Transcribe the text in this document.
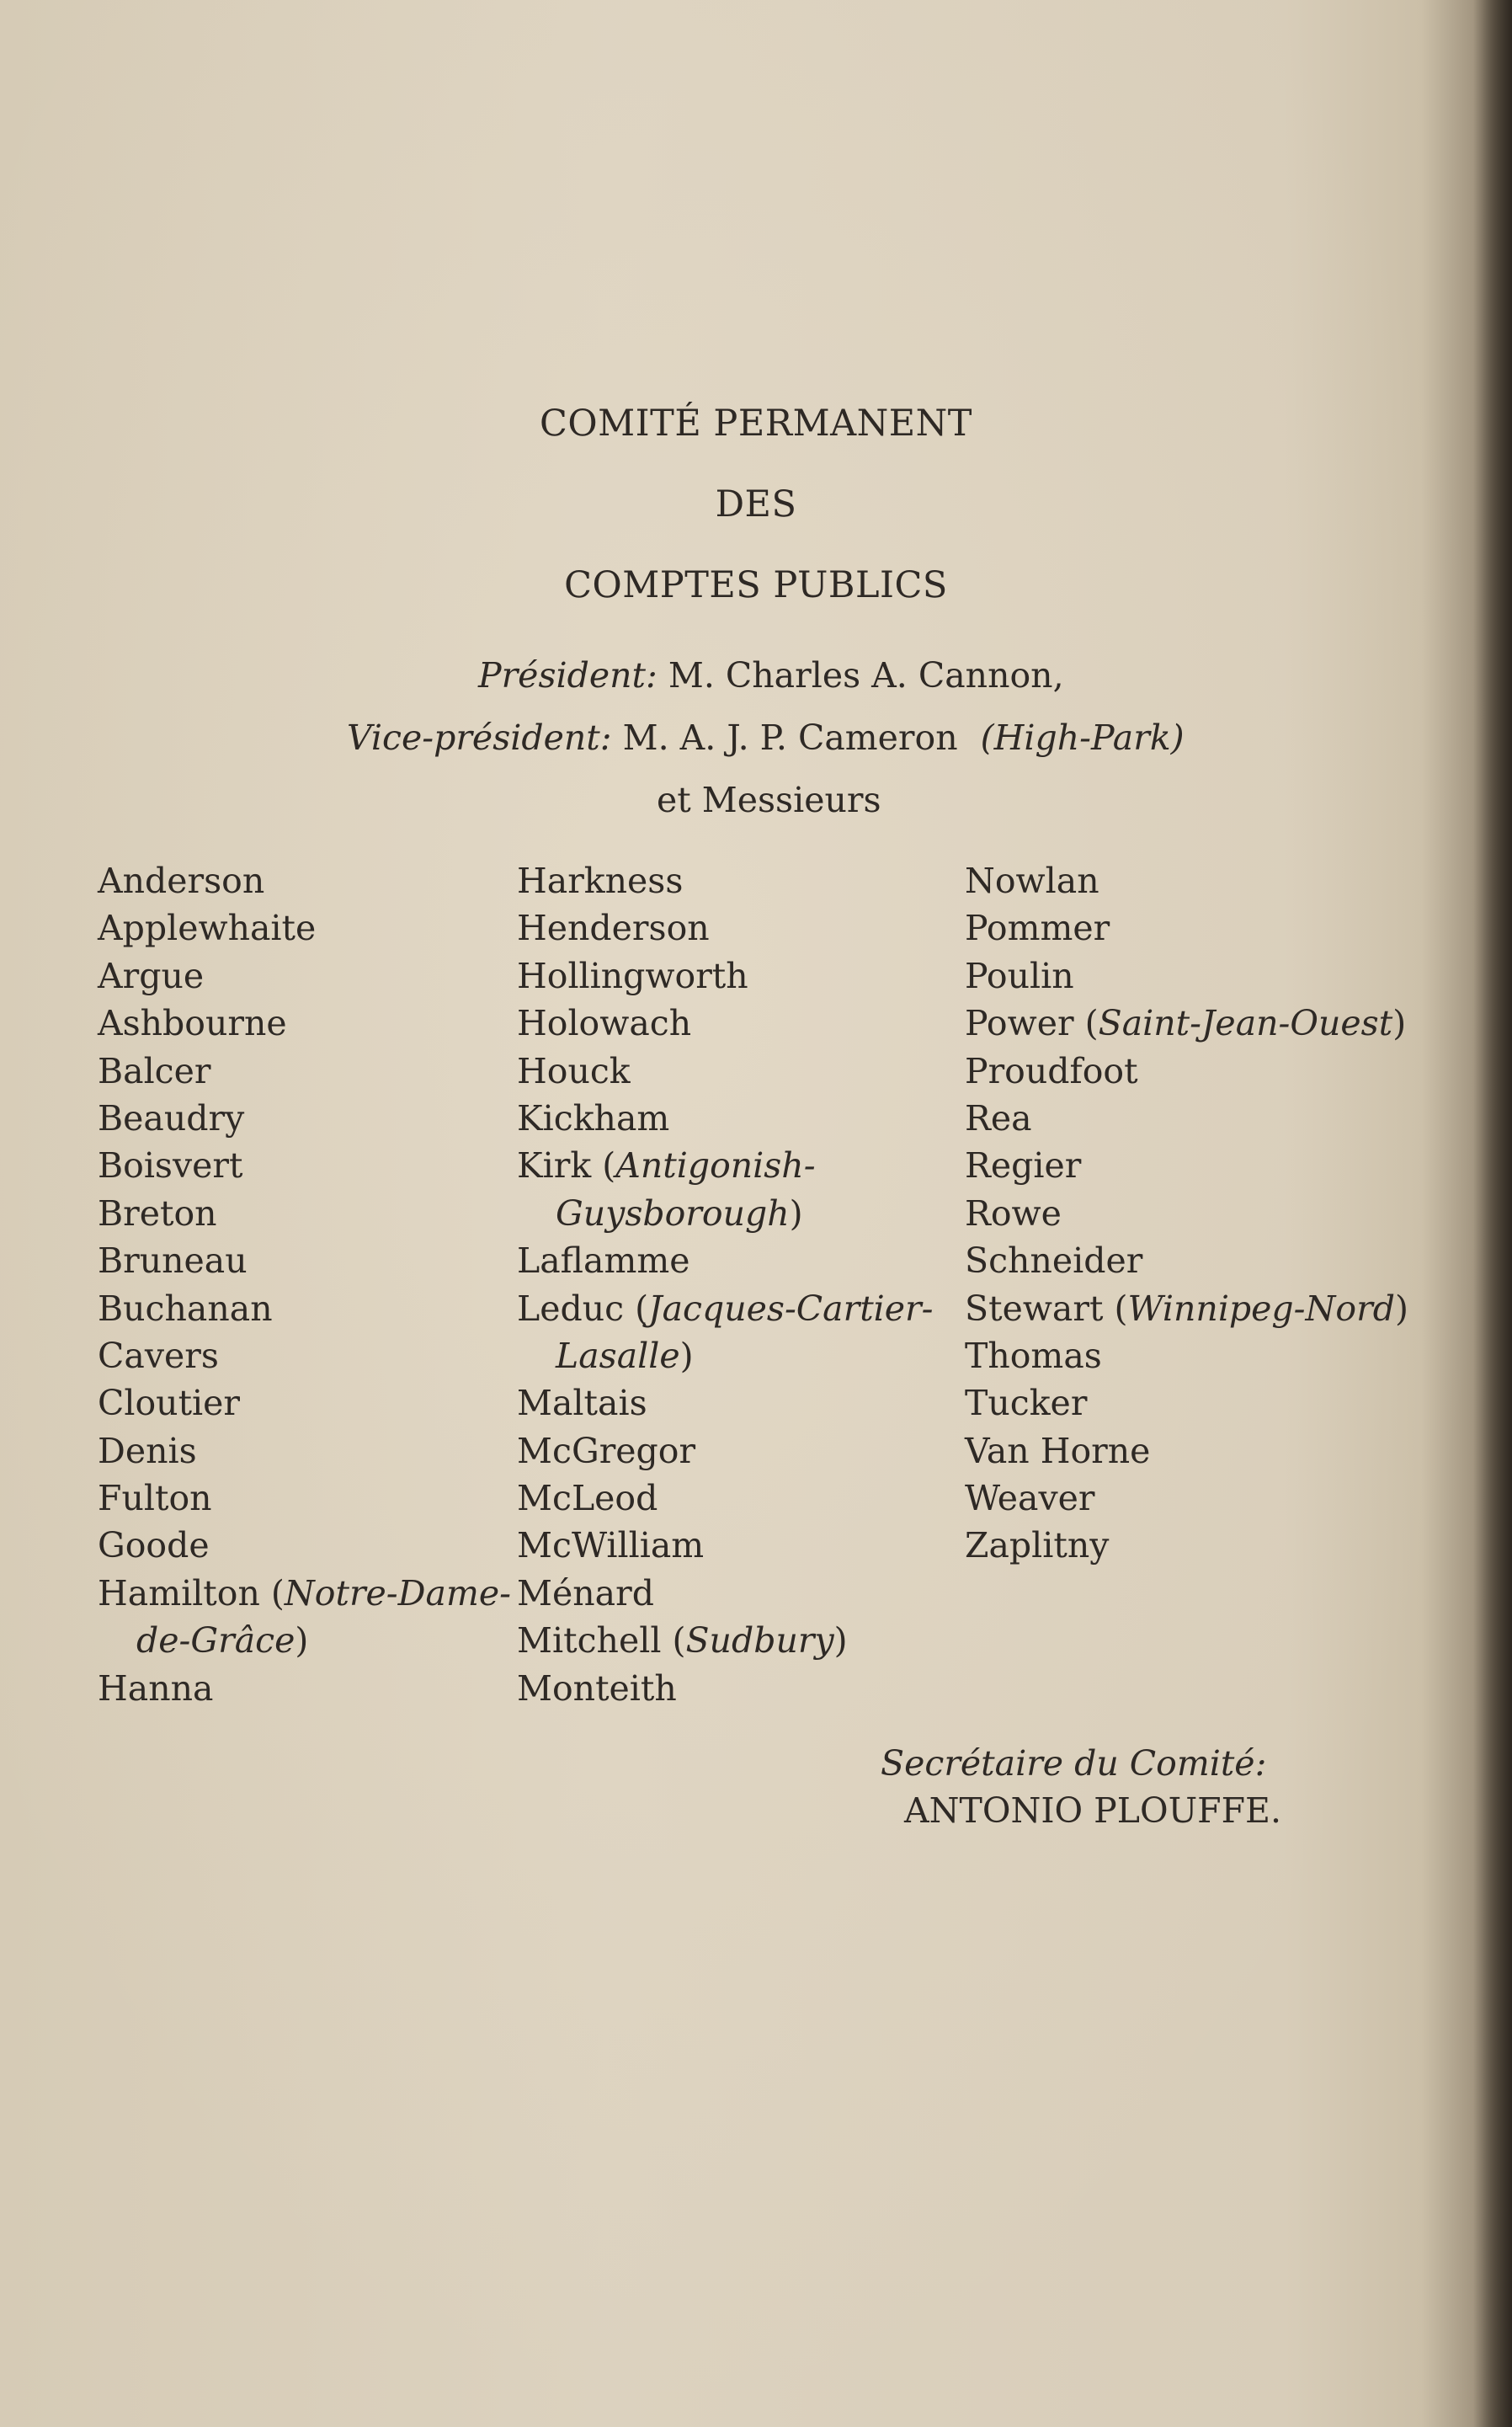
COMITÉ PERMANENT
DES
COMPTES PUBLICS
Président: M. Charles A. Cannon,
Vice-président: M. A. J. P. Cameron (High-Park)
et Messieurs
Anderson
Applewhaite
Argue
Ashbourne
Balcer
Beaudry
Boisvert
Breton
Bruneau
Buchanan
Cavers
Cloutier
Denis
Fulton
Goode
Hamilton (Notre-Dame-
de-Grâce)
Hanna
Harkness
Henderson
Hollingworth
Holowach
Houck
Kickham
Kirk (Antigonish-
Guysborough)
Laflamme
Leduc (Jacques-Cartier-
Lasalle)
Maltais
McGregor
McLeod
McWilliam
Ménard
Mitchell (Sudbury)
Monteith
Nowlan
Pommer
Poulin
Power (Saint-Jean-Ouest)
Proudfoot
Rea
Regier
Rowe
Schneider
Stewart (Winnipeg-Nord)
Thomas
Tucker
Van Horne
Weaver
Zaplitny
Secrétaire du Comité:
ANTONIO PLOUFFE.
